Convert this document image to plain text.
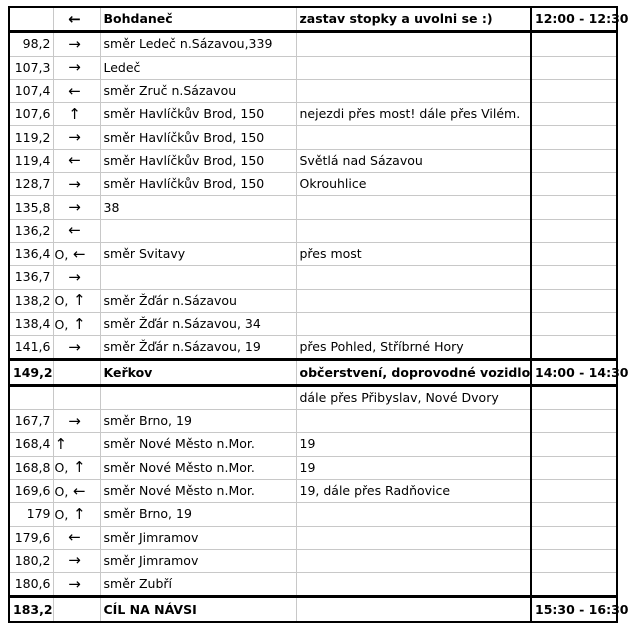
	←	Bohdaneč	zastav stopky a uvolni se :)	12:00 - 12:30
98,2	→	směr Ledeč n.Sázavou,339		
107,3	→	Ledeč		
107,4	←	směr Zruč n.Sázavou		
107,6	↑	směr Havlíčkův Brod, 150	nejezdi přes most! dále přes Vilém.	
119,2	→	směr Havlíčkův Brod, 150		
119,4	←	směr Havlíčkův Brod, 150	Světlá nad Sázavou	
128,7	→	směr Havlíčkův Brod, 150	Okrouhlice	
135,8	→	38		
136,2	←			
136,4	O, ←	směr Svitavy	přes most	
136,7	→			
138,2	O, ↑	směr Žďár n.Sázavou		
138,4	O, ↑	směr Žďár n.Sázavou, 34		
141,6	→	směr Žďár n.Sázavou, 19	přes Pohled, Stříbrné Hory	
149,2		Keřkov	občerstvení, doprovodné vozidlo	14:00 - 14:30
			dále přes Přibyslav, Nové Dvory	
167,7	→	směr Brno, 19		
168,4	↑	směr Nové Město n.Mor.	19	
168,8	O, ↑	směr Nové Město n.Mor.	19	
169,6	O, ←	směr Nové Město n.Mor.	19, dále přes Radňovice	
179	O, ↑	směr Brno, 19		
179,6	←	směr Jimramov		
180,2	→	směr Jimramov		
180,6	→	směr Zubří		
183,2		CÍL NA NÁVSI		15:30 - 16:30
